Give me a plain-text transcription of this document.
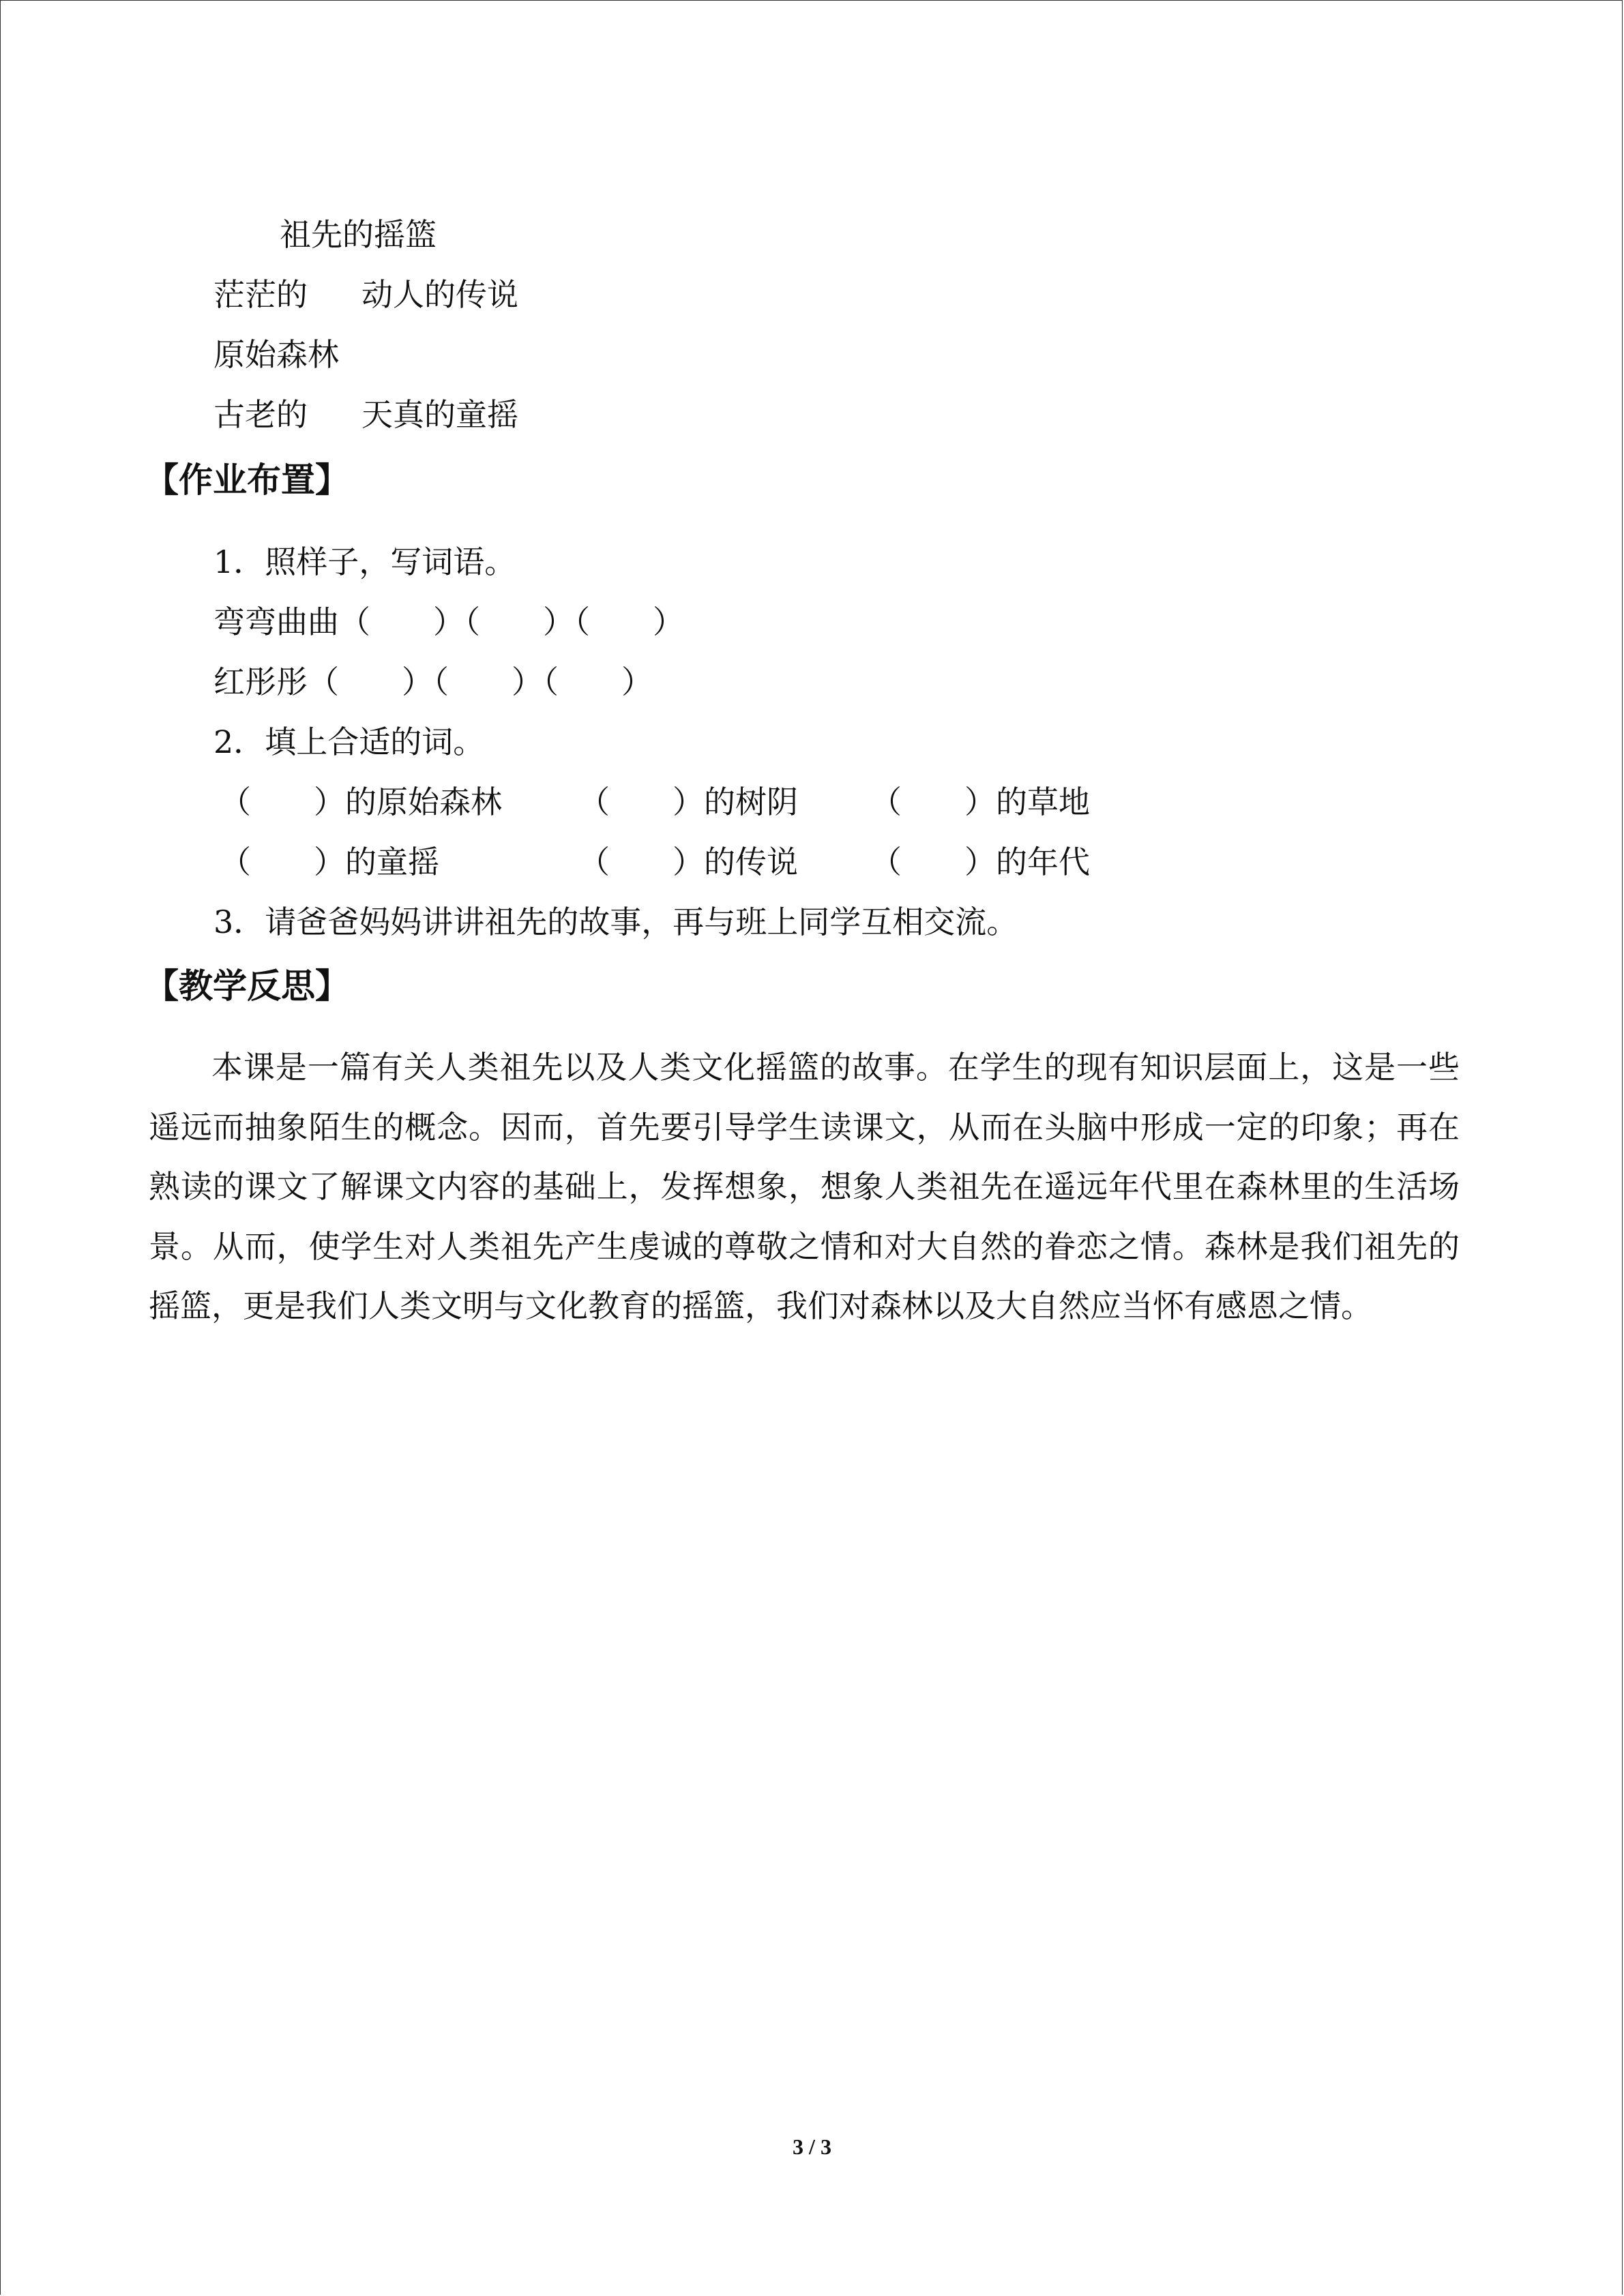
祖先的摇篮

茫茫的 动人的传说

原始森林

古老的 天真的童摇

【作业布置】

1．照样子，写词语。

弯弯曲曲（　　）（　　）（　　）

红彤彤（　　）（　　）（　　）

2．填上合适的词。

（　　）的原始森林 （　　）的树阴 （　　）的草地
（　　）的童摇	（　　）的传说 （　　）的年代

3．请爸爸妈妈讲讲祖先的故事，再与班上同学互相交流。

【教学反思】

本课是一篇有关人类祖先以及人类文化摇篮的故事。在学生的现有知识层面上，这是一些遥远而抽象陌生的概念。因而，首先要引导学生读课文，从而在头脑中形成一定的印象；再在熟读的课文了解课文内容的基础上，发挥想象，想象人类祖先在遥远年代里在森林里的生活场景。从而，使学生对人类祖先产生虔诚的尊敬之情和对大自然的眷恋之情。森林是我们祖先的摇篮，更是我们人类文明与文化教育的摇篮，我们对森林以及大自然应当怀有感恩之情。

3 / 3
